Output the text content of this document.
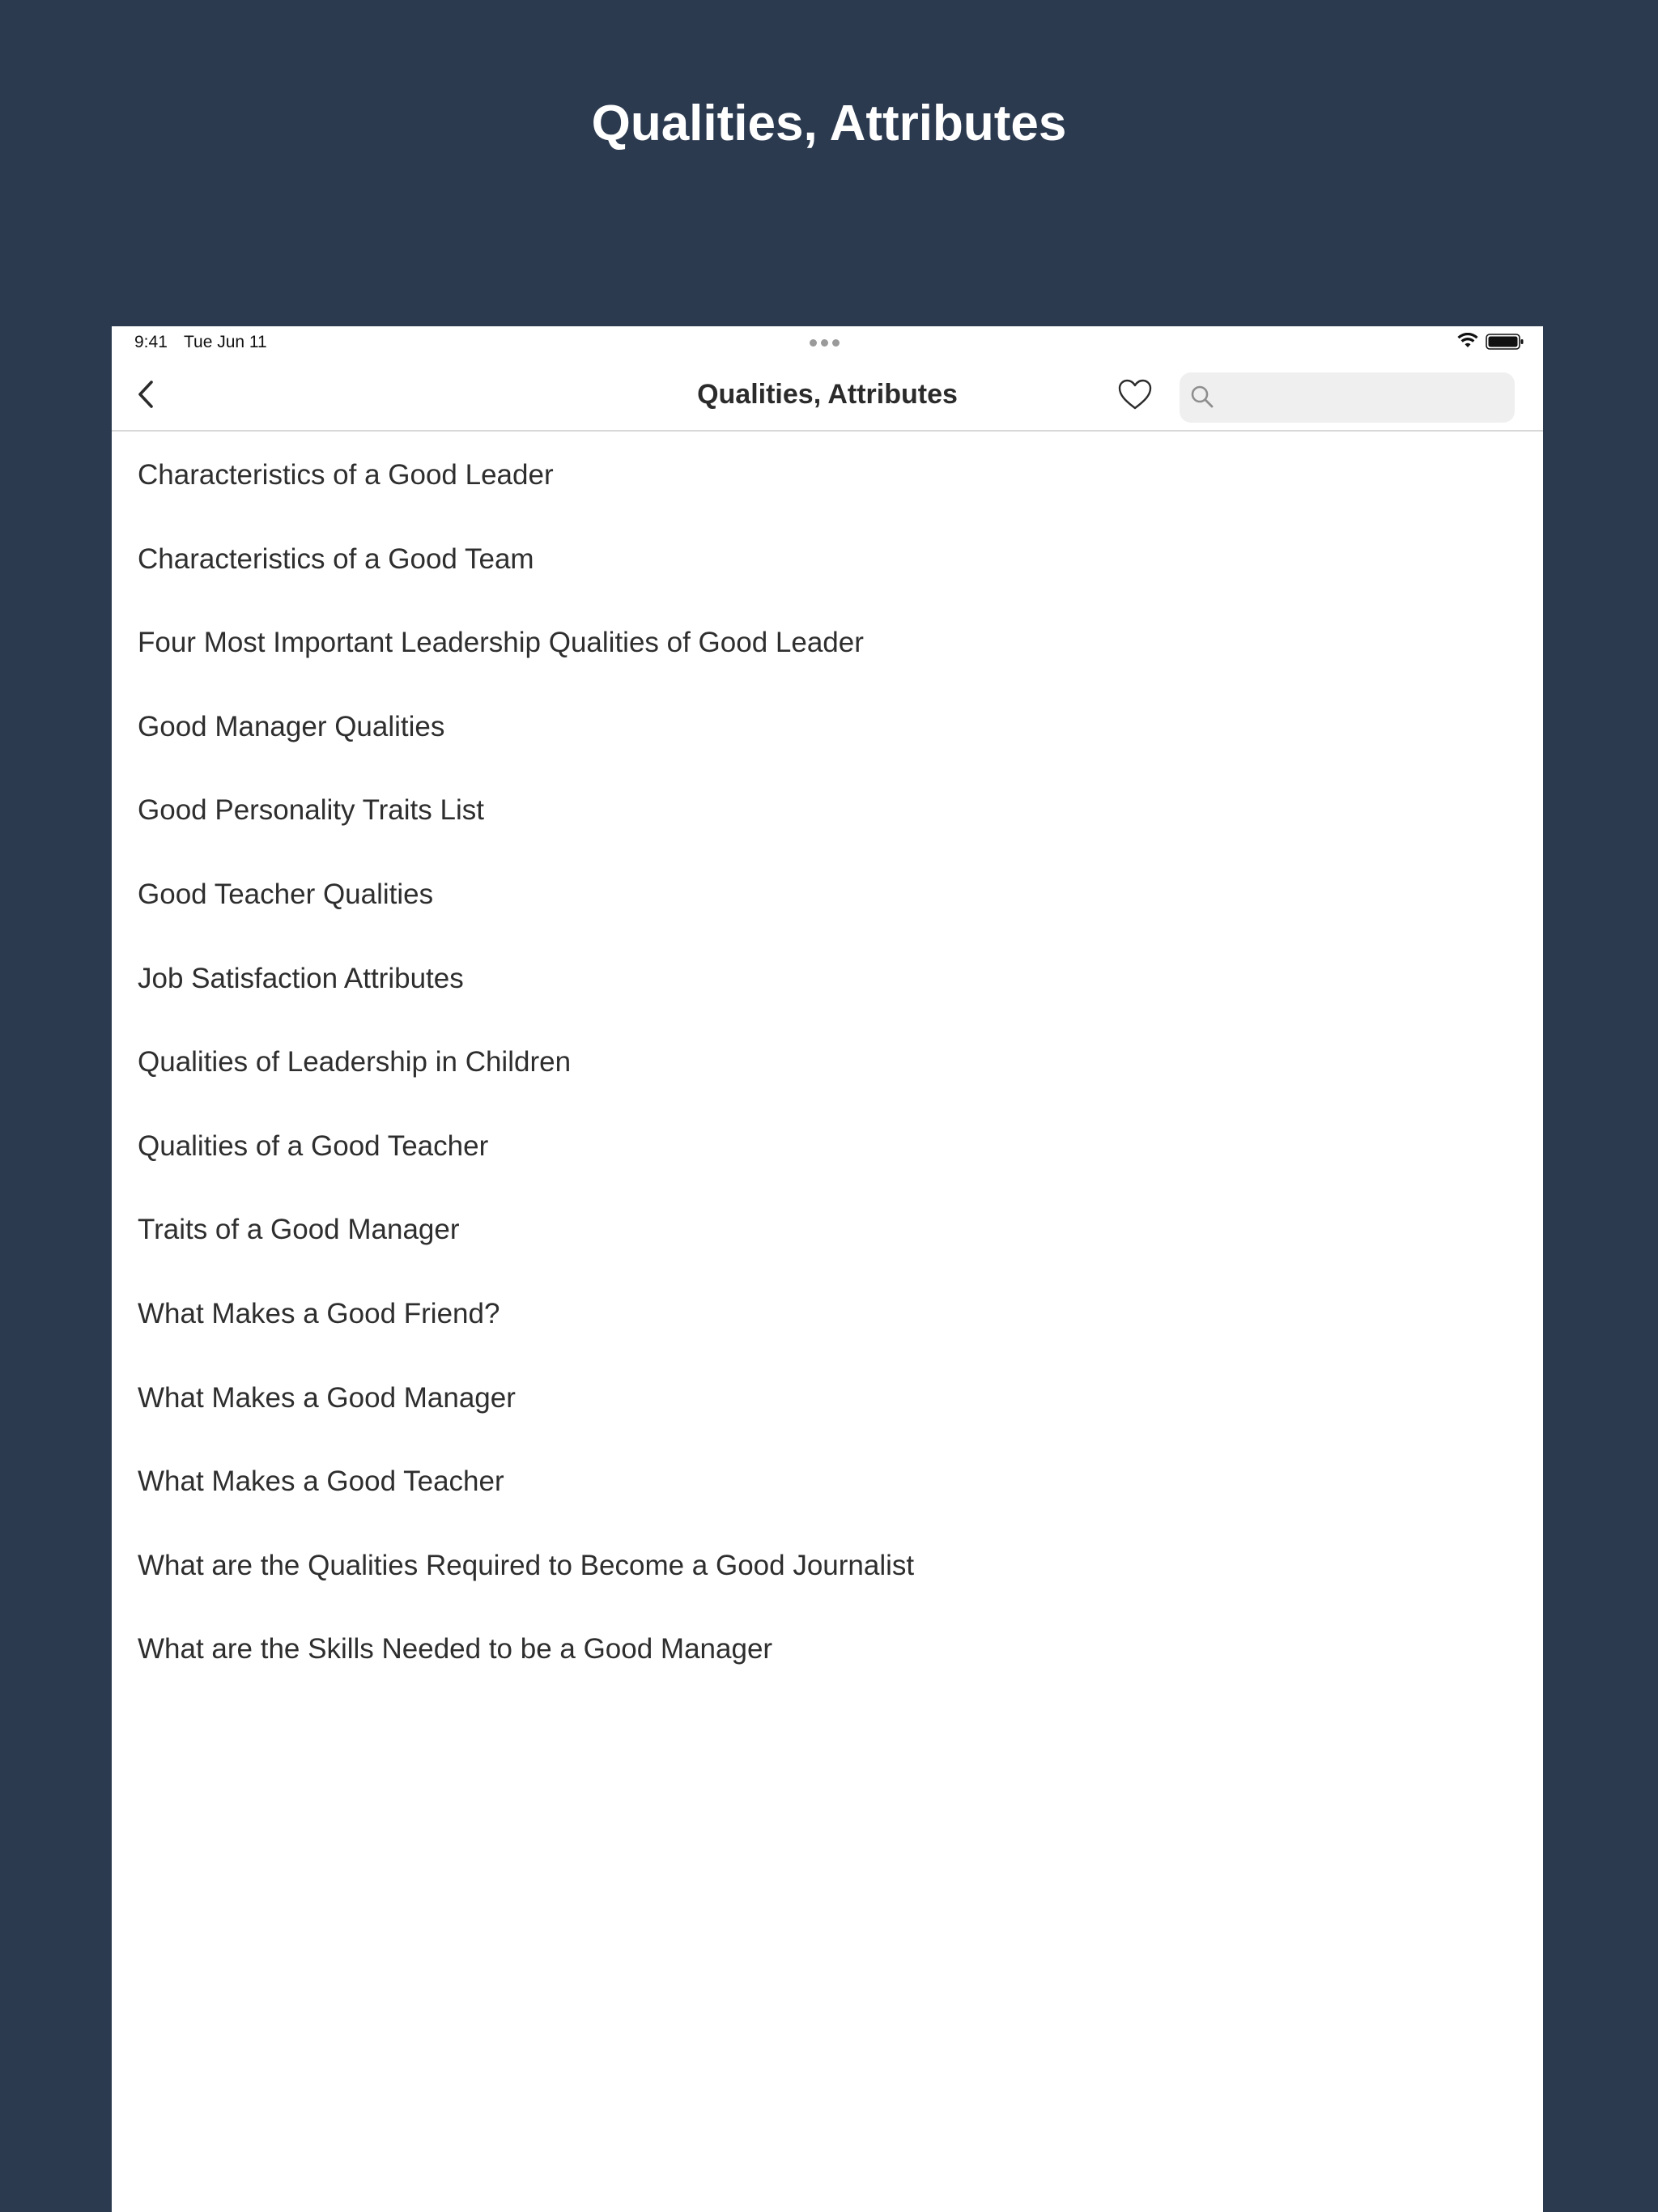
Qualities, Attributes
9:41 Tue Jun 11
Qualities, Attributes
Characteristics of a Good Leader
Characteristics of a Good Team
Four Most Important Leadership Qualities of Good Leader
Good Manager Qualities
Good Personality Traits List
Good Teacher Qualities
Job Satisfaction Attributes
Qualities of Leadership in Children
Qualities of a Good Teacher
Traits of a Good Manager
What Makes a Good Friend?
What Makes a Good Manager
What Makes a Good Teacher
What are the Qualities Required to Become a Good Journalist
What are the Skills Needed to be a Good Manager
